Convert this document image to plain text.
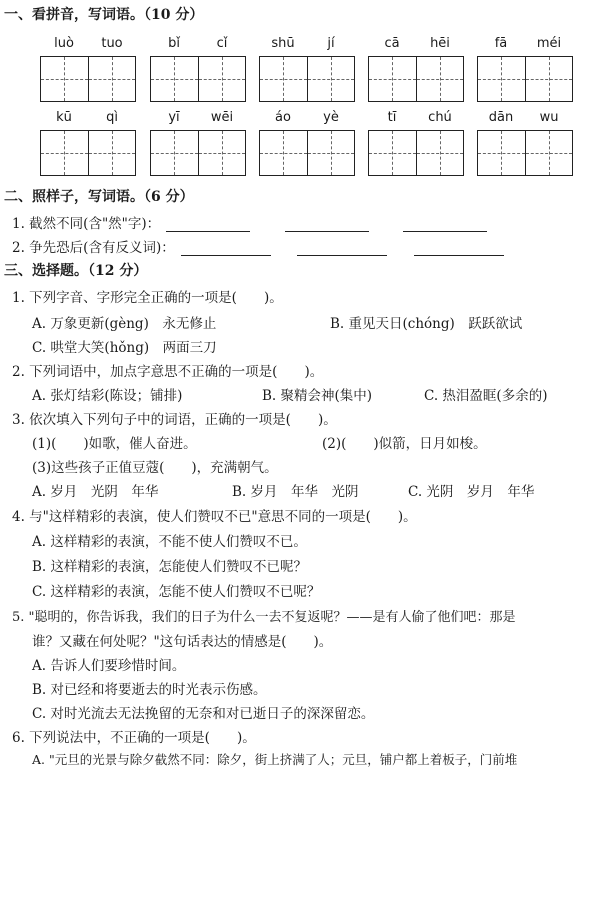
一、看拼音，写词语。（10 分）
luò	tuo	bǐ	cǐ	shū	jí	cā	hēi	fā	méi
kū	qì	yī	wēi	áo	yè	tī	chú	dān	wu
二、照样子，写词语。（6 分）
1. 截然不同(含"然"字)：
2. 争先恐后(含有反义词)：
三、选择题。（12 分）
1. 下列字音、字形完全正确的一项是(　　)。
A. 万象更新(gèng)　永无修止	B. 重见天日(chóng)　跃跃欲试
C. 哄堂大笑(hǒng)　两面三刀
2. 下列词语中，加点字意思不正确的一项是(　　)。
A. 张灯结彩(陈设；铺排)	B. 聚精会神(集中)	C. 热泪盈眶(多余的)
3. 依次填入下列句子中的词语，正确的一项是(　　)。
(1)(　　)如歌，催人奋进。	(2)(　　)似箭，日月如梭。
(3)这些孩子正值豆蔻(　　)，充满朝气。
A. 岁月　光阴　年华	B. 岁月　年华　光阴	C. 光阴　岁月　年华
4. 与"这样精彩的表演，使人们赞叹不已"意思不同的一项是(　　)。
A. 这样精彩的表演，不能不使人们赞叹不已。
B. 这样精彩的表演，怎能使人们赞叹不已呢？
C. 这样精彩的表演，怎能不使人们赞叹不已呢？
5. "聪明的，你告诉我，我们的日子为什么一去不复返呢？——是有人偷了他们吧：那是
谁？又藏在何处呢？"这句话表达的情感是(　　)。
A. 告诉人们要珍惜时间。
B. 对已经和将要逝去的时光表示伤感。
C. 对时光流去无法挽留的无奈和对已逝日子的深深留恋。
6. 下列说法中，不正确的一项是(　　)。
A. "元旦的光景与除夕截然不同：除夕，街上挤满了人；元旦，铺户都上着板子，门前堆
